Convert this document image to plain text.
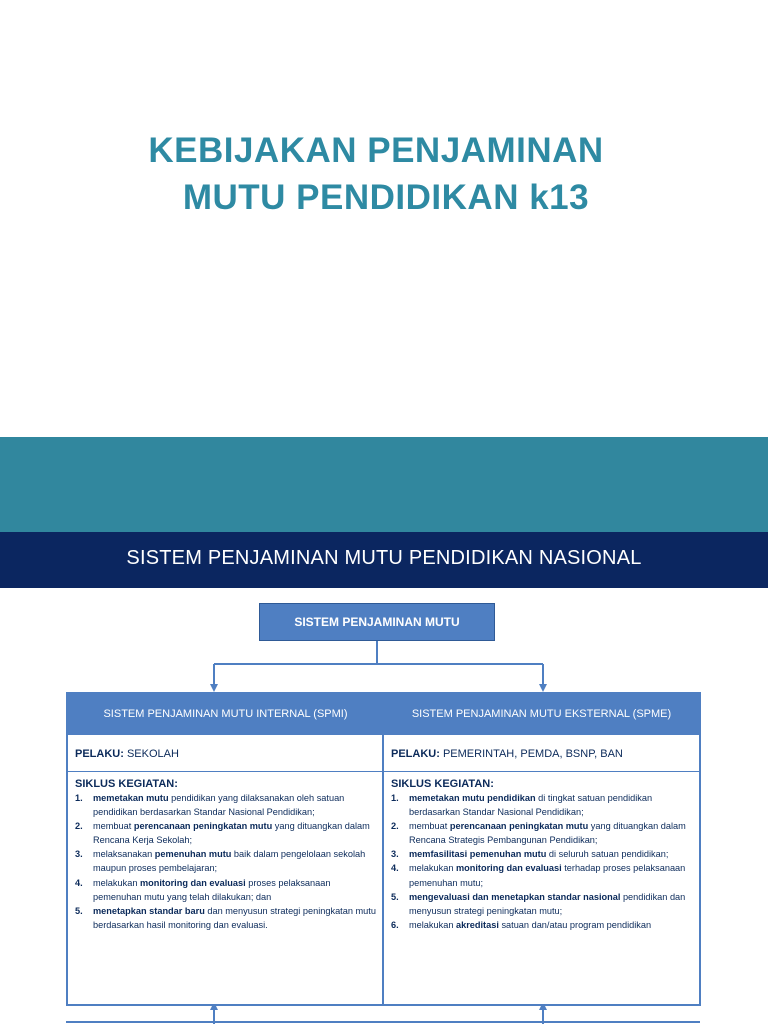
KEBIJAKAN PENJAMINAN
MUTU PENDIDIKAN k13
SISTEM PENJAMINAN MUTU PENDIDIKAN NASIONAL
SISTEM PENJAMINAN MUTU
SISTEM PENJAMINAN MUTU INTERNAL (SPMI)
PELAKU: SEKOLAH
SIKLUS KEGIATAN:
1. memetakan mutu pendidikan yang dilaksanakan oleh satuan pendidikan berdasarkan Standar Nasional Pendidikan;
2. membuat perencanaan peningkatan mutu yang dituangkan dalam Rencana Kerja Sekolah;
3. melaksanakan pemenuhan mutu baik dalam pengelolaan sekolah maupun proses pembelajaran;
4. melakukan monitoring dan evaluasi proses pelaksanaan pemenuhan mutu yang telah dilakukan; dan
5. menetapkan standar baru dan menyusun strategi peningkatan mutu berdasarkan hasil monitoring dan evaluasi.
SISTEM PENJAMINAN MUTU EKSTERNAL (SPME)
PELAKU: PEMERINTAH, PEMDA, BSNP, BAN
SIKLUS KEGIATAN:
1. memetakan mutu pendidikan di tingkat satuan pendidikan berdasarkan Standar Nasional Pendidikan;
2. membuat perencanaan peningkatan mutu yang dituangkan dalam Rencana Strategis Pembangunan Pendidikan;
3. memfasilitasi pemenuhan mutu di seluruh satuan pendidikan;
4. melakukan monitoring dan evaluasi terhadap proses pelaksanaan pemenuhan mutu;
5. mengevaluasi dan menetapkan standar nasional pendidikan dan menyusun strategi peningkatan mutu;
6. melakukan akreditasi satuan dan/atau program pendidikan
